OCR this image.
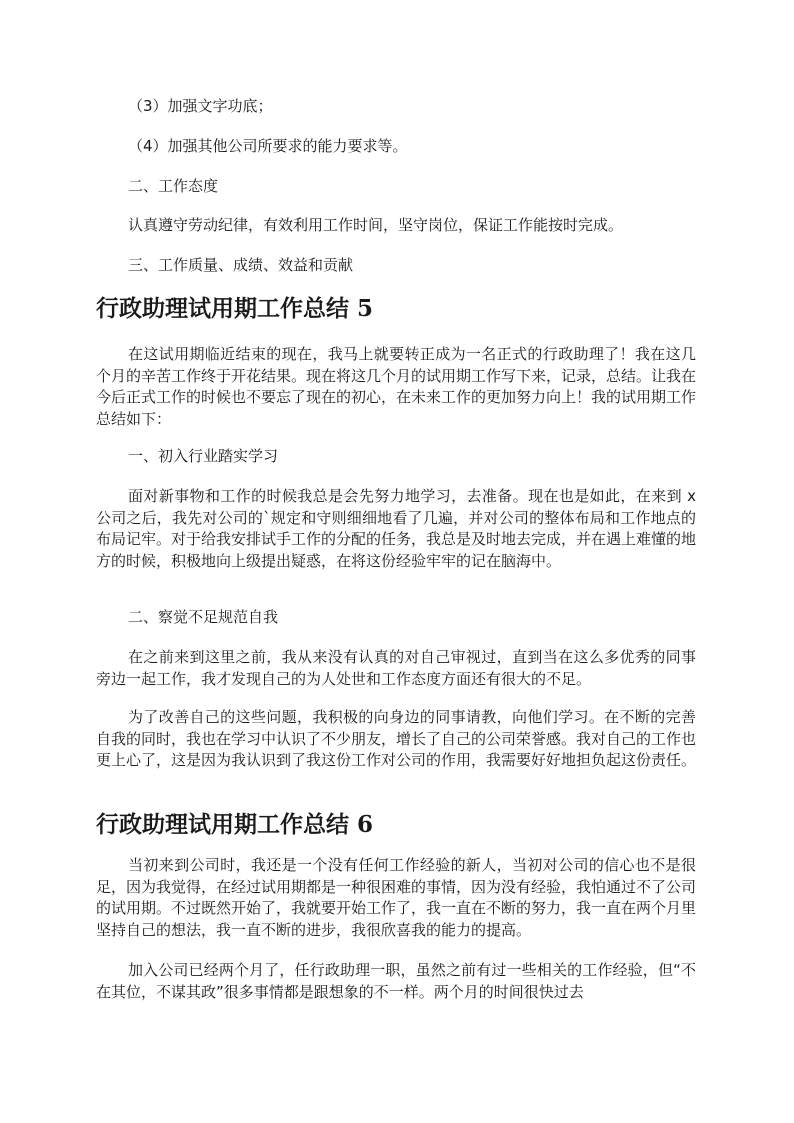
（3）加强文字功底；
（4）加强其他公司所要求的能力要求等。
二、工作态度
认真遵守劳动纪律，有效利用工作时间，坚守岗位，保证工作能按时完成。
三、工作质量、成绩、效益和贡献
行政助理试用期工作总结 5

在这试用期临近结束的现在，我马上就要转正成为一名正式的行政助理了！我在这几个月的辛苦工作终于开花结果。现在将这几个月的试用期工作写下来，记录，总结。让我在今后正式工作的时候也不要忘了现在的初心，在未来工作的更加努力向上！我的试用期工作总结如下：

一、初入行业踏实学习

面对新事物和工作的时候我总是会先努力地学习，去准备。现在也是如此，在来到 x 公司之后，我先对公司的`规定和守则细细地看了几遍，并对公司的整体布局和工作地点的布局记牢。对于给我安排试手工作的分配的任务，我总是及时地去完成，并在遇上难懂的地方的时候，积极地向上级提出疑惑，在将这份经验牢牢的记在脑海中。

二、察觉不足规范自我

在之前来到这里之前，我从来没有认真的对自己审视过，直到当在这么多优秀的同事旁边一起工作，我才发现自己的为人处世和工作态度方面还有很大的不足。

为了改善自己的这些问题，我积极的向身边的同事请教，向他们学习。在不断的完善自我的同时，我也在学习中认识了不少朋友，增长了自己的公司荣誉感。我对自己的工作也更上心了，这是因为我认识到了我这份工作对公司的作用，我需要好好地担负起这份责任。

行政助理试用期工作总结 6

当初来到公司时，我还是一个没有任何工作经验的新人，当初对公司的信心也不是很足，因为我觉得，在经过试用期都是一种很困难的事情，因为没有经验，我怕通过不了公司的试用期。不过既然开始了，我就要开始工作了，我一直在不断的努力，我一直在两个月里坚持自己的想法，我一直不断的进步，我很欣喜我的能力的提高。

加入公司已经两个月了，任行政助理一职，虽然之前有过一些相关的工作经验，但“不在其位，不谋其政”很多事情都是跟想象的不一样。两个月的时间很快过去
